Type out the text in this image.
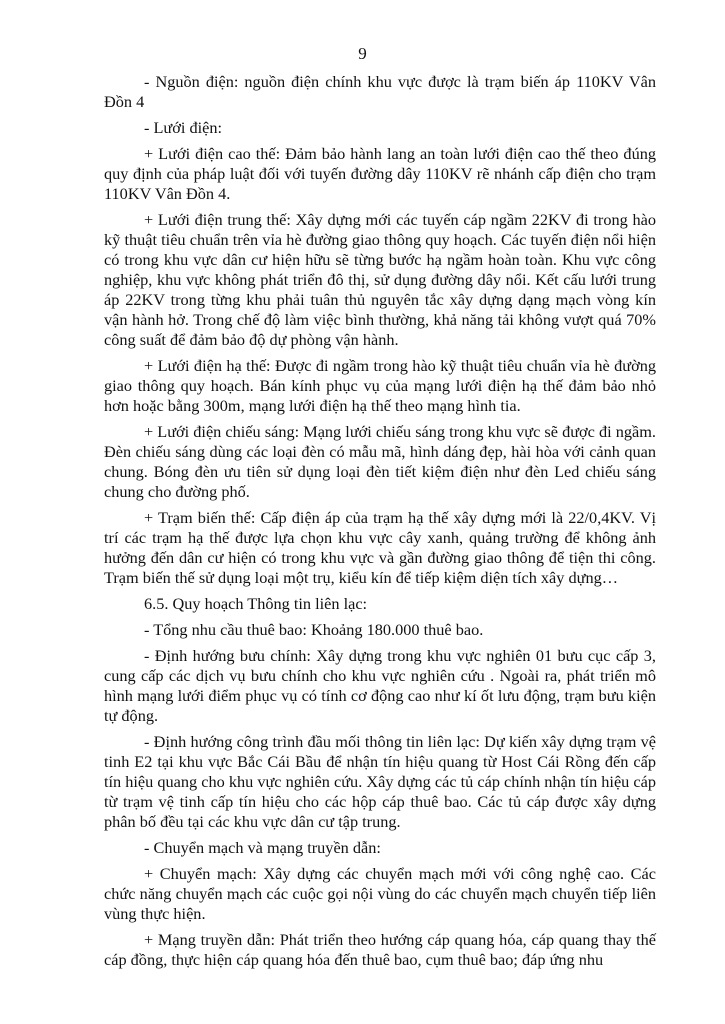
9

- Nguồn điện: nguồn điện chính khu vực được là trạm biến áp 110KV Vân Đồn 4

- Lưới điện:

+ Lưới điện cao thế: Đảm bảo hành lang an toàn lưới điện cao thế theo đúng quy định của pháp luật đối với tuyến đường dây 110KV rẽ nhánh cấp điện cho trạm 110KV Vân Đồn 4.

+ Lưới điện trung thế: Xây dựng mới các tuyến cáp ngầm 22KV đi trong hào kỹ thuật tiêu chuẩn trên vỉa hè đường giao thông quy hoạch. Các tuyến điện nổi hiện có trong khu vực dân cư hiện hữu sẽ từng bước hạ ngầm hoàn toàn. Khu vực công nghiệp, khu vực không phát triển đô thị, sử dụng đường dây nổi. Kết cấu lưới trung áp 22KV trong từng khu phải tuân thủ nguyên tắc xây dựng dạng mạch vòng kín vận hành hở. Trong chế độ làm việc bình thường, khả năng tải không vượt quá 70% công suất để đảm bảo độ dự phòng vận hành.

+ Lưới điện hạ thế: Được đi ngầm trong hào kỹ thuật tiêu chuẩn vỉa hè đường giao thông quy hoạch. Bán kính phục vụ của mạng lưới điện hạ thế đảm bảo nhỏ hơn hoặc bằng 300m, mạng lưới điện hạ thế theo mạng hình tia.

+ Lưới điện chiếu sáng: Mạng lưới chiếu sáng trong khu vực sẽ được đi ngầm. Đèn chiếu sáng dùng các loại đèn có mẫu mã, hình dáng đẹp, hài hòa với cảnh quan chung. Bóng đèn ưu tiên sử dụng loại đèn tiết kiệm điện như đèn Led chiếu sáng chung cho đường phố.

+ Trạm biến thế: Cấp điện áp của trạm hạ thế xây dựng mới là 22/0,4KV. Vị trí các trạm hạ thế được lựa chọn khu vực cây xanh, quảng trường để không ảnh hưởng đến dân cư hiện có trong khu vực và gần đường giao thông để tiện thi công. Trạm biến thế sử dụng loại một trụ, kiểu kín để tiếp kiệm diện tích xây dựng…

6.5. Quy hoạch Thông tin liên lạc:

- Tổng nhu cầu thuê bao: Khoảng 180.000 thuê bao.

- Định hướng bưu chính: Xây dựng trong khu vực nghiên 01 bưu cục cấp 3, cung cấp các dịch vụ bưu chính cho khu vực nghiên cứu . Ngoài ra, phát triển mô hình mạng lưới điểm phục vụ có tính cơ động cao như kí ốt lưu động, trạm bưu kiện tự động.

- Định hướng công trình đầu mối thông tin liên lạc: Dự kiến xây dựng trạm vệ tinh E2 tại khu vực Bắc Cái Bầu để nhận tín hiệu quang từ Host Cái Rồng đến cấp tín hiệu quang cho khu vực nghiên cứu. Xây dựng các tủ cáp chính nhận tín hiệu cáp từ trạm vệ tinh cấp tín hiệu cho các hộp cáp thuê bao. Các tủ cáp được xây dựng phân bố đều tại các khu vực dân cư tập trung.

- Chuyển mạch và mạng truyền dẫn:

+ Chuyển mạch: Xây dựng các chuyển mạch mới với công nghệ cao. Các chức năng chuyển mạch các cuộc gọi nội vùng do các chuyển mạch chuyển tiếp liên vùng thực hiện.

+ Mạng truyền dẫn: Phát triển theo hướng cáp quang hóa, cáp quang thay thế cáp đồng, thực hiện cáp quang hóa đến thuê bao, cụm thuê bao; đáp ứng nhu
